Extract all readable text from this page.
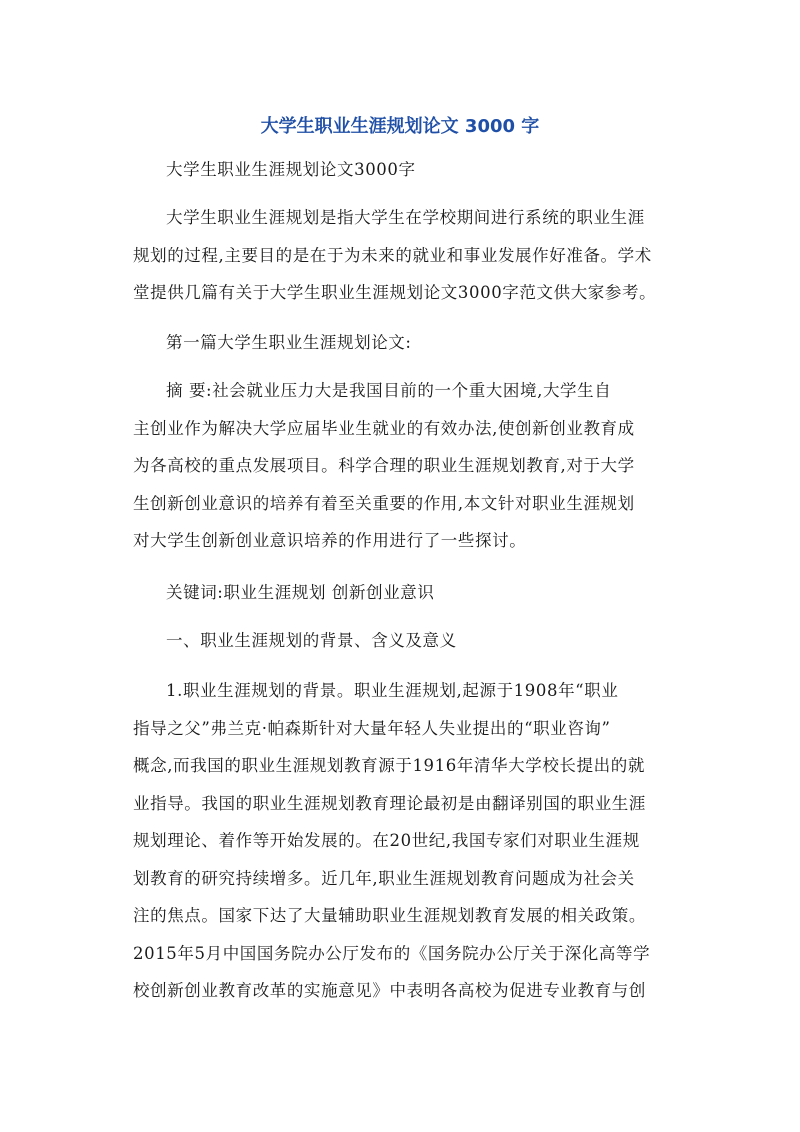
大学生职业生涯规划论文 3000 字
大学生职业生涯规划论文3000字
大学生职业生涯规划是指大学生在学校期间进行系统的职业生涯
规划的过程,主要目的是在于为未来的就业和事业发展作好准备。学术
堂提供几篇有关于大学生职业生涯规划论文3000字范文供大家参考。
第一篇大学生职业生涯规划论文:
摘 要:社会就业压力大是我国目前的一个重大困境,大学生自
主创业作为解决大学应届毕业生就业的有效办法,使创新创业教育成
为各高校的重点发展项目。科学合理的职业生涯规划教育,对于大学
生创新创业意识的培养有着至关重要的作用,本文针对职业生涯规划
对大学生创新创业意识培养的作用进行了一些探讨。
关键词:职业生涯规划 创新创业意识
一、职业生涯规划的背景、含义及意义
1.职业生涯规划的背景。职业生涯规划,起源于1908年“职业
指导之父”弗兰克·帕森斯针对大量年轻人失业提出的“职业咨询”
概念,而我国的职业生涯规划教育源于1916年清华大学校长提出的就
业指导。我国的职业生涯规划教育理论最初是由翻译别国的职业生涯
规划理论、着作等开始发展的。在20世纪,我国专家们对职业生涯规
划教育的研究持续增多。近几年,职业生涯规划教育问题成为社会关
注的焦点。国家下达了大量辅助职业生涯规划教育发展的相关政策。
2015年5月中国国务院办公厅发布的《国务院办公厅关于深化高等学
校创新创业教育改革的实施意见》中表明各高校为促进专业教育与创
